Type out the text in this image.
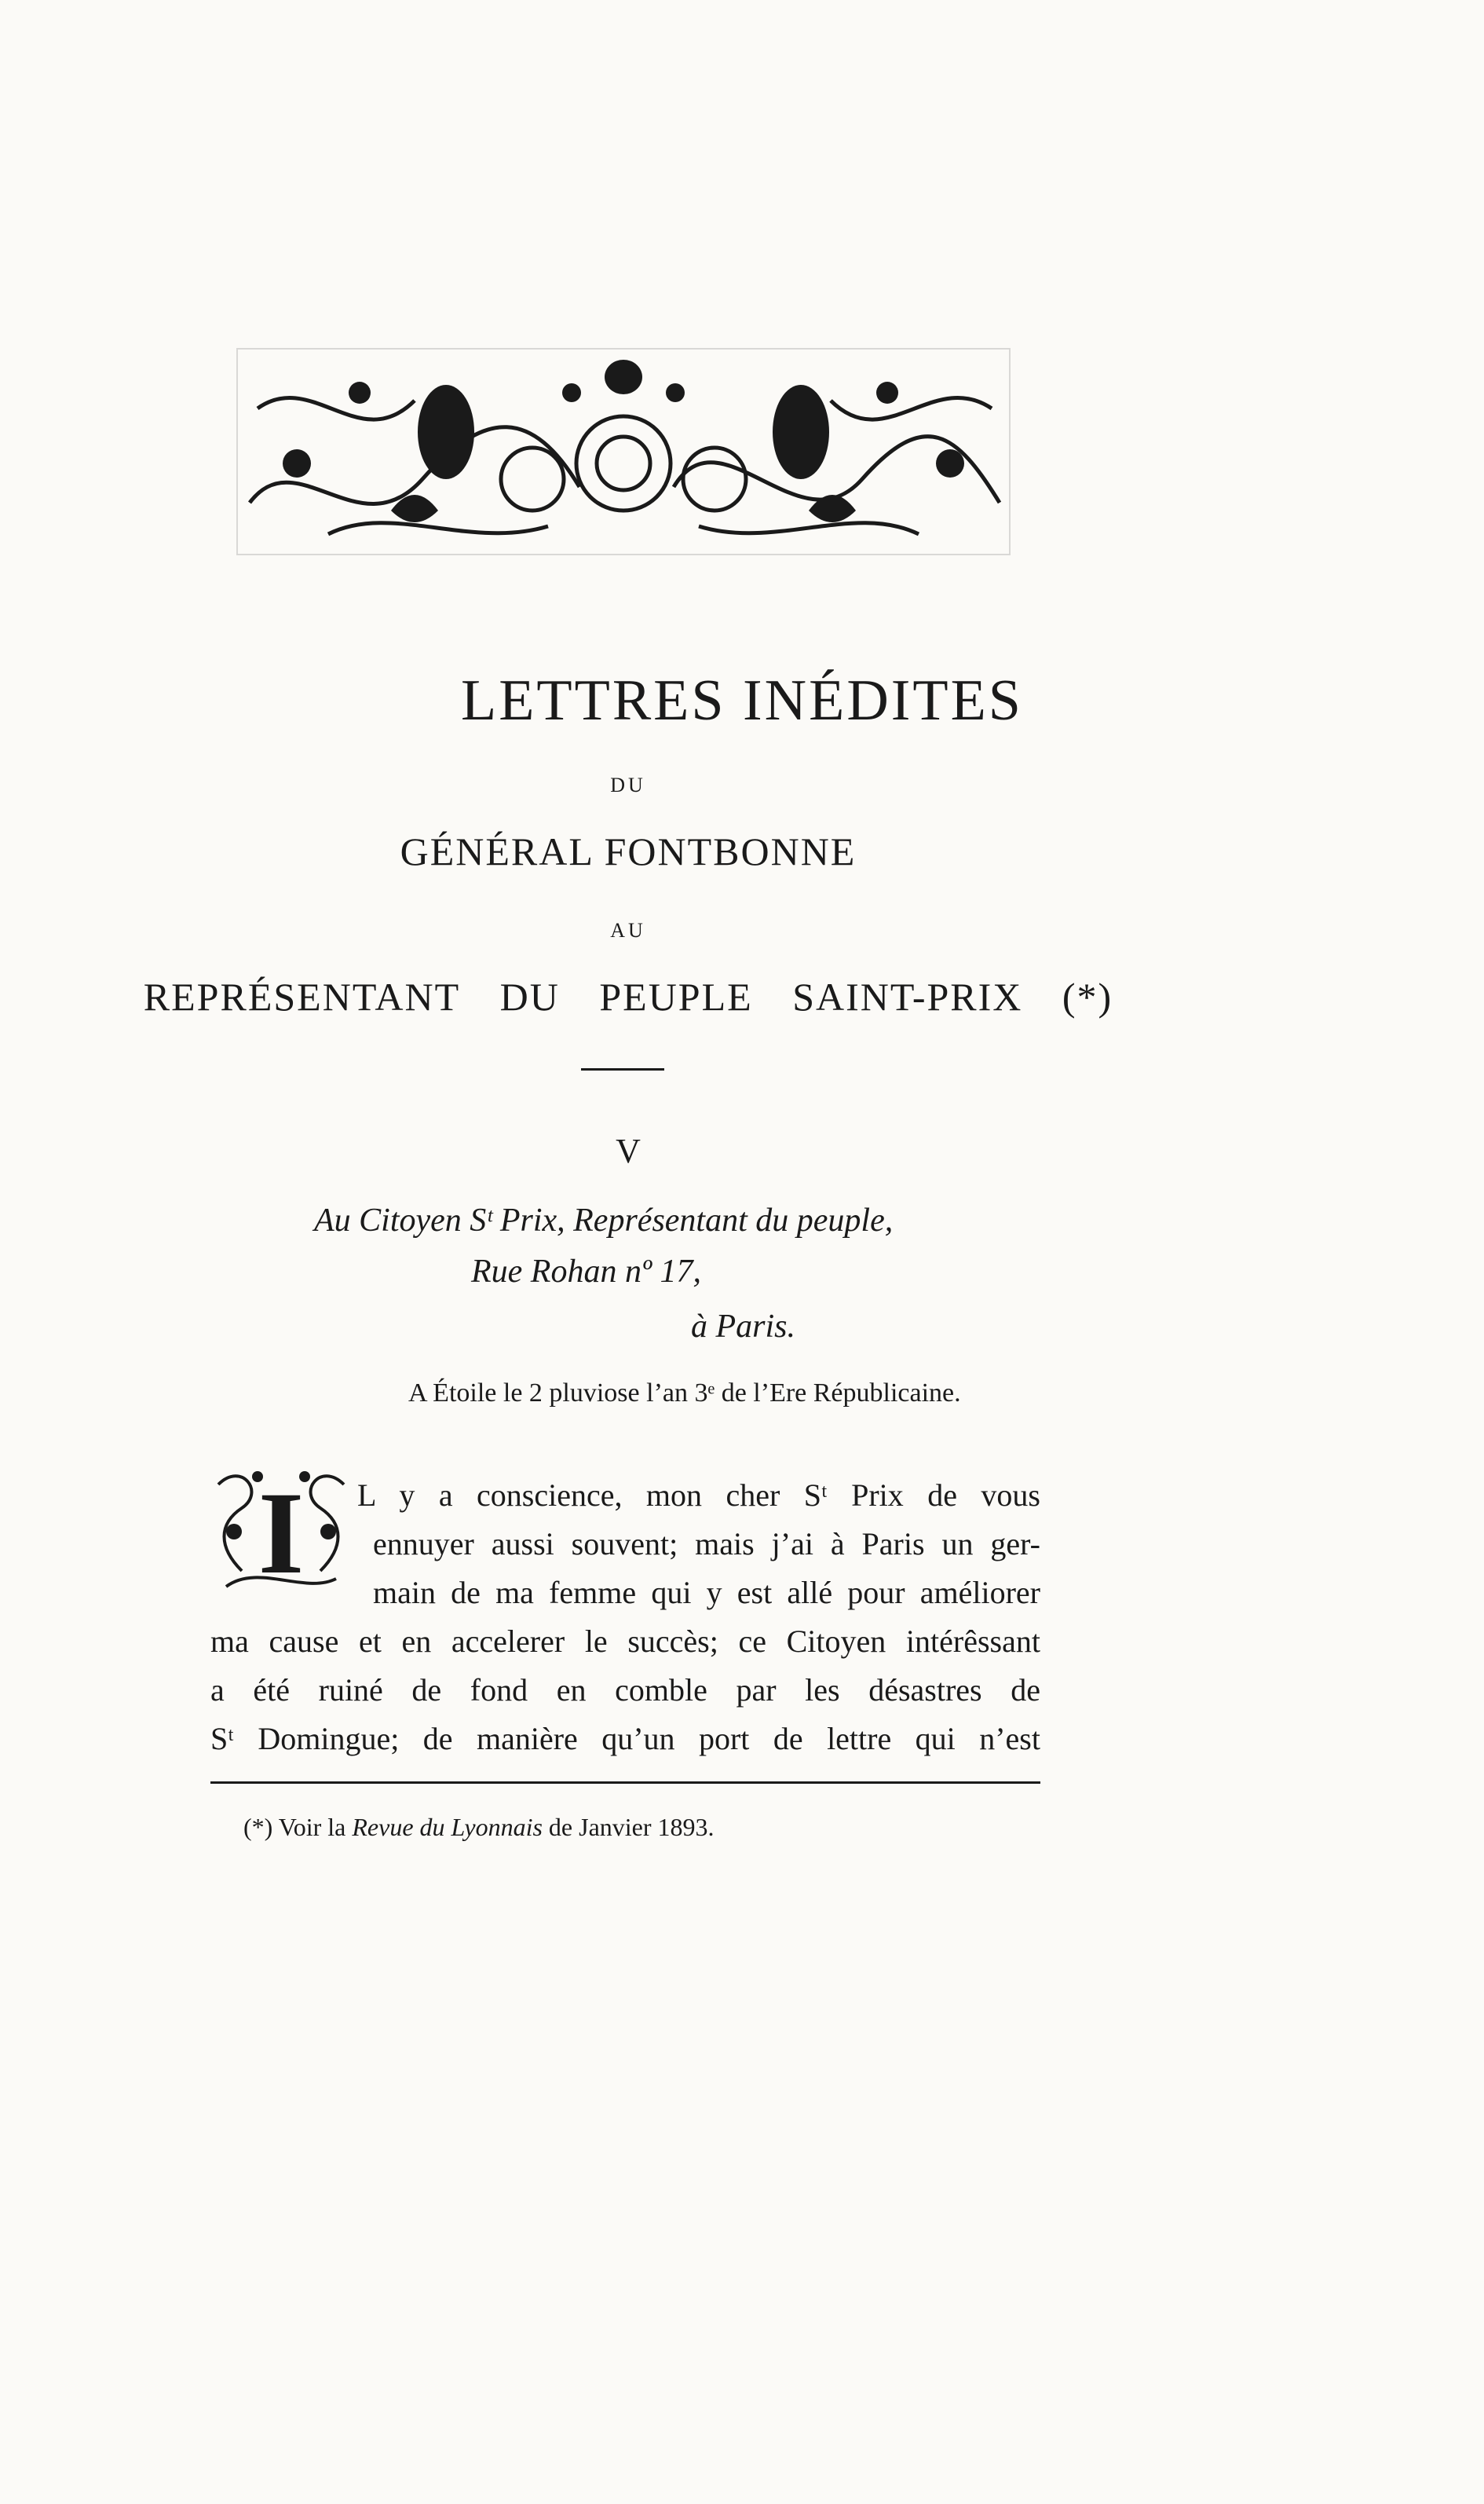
LETTRES INÉDITES
DU
GÉNÉRAL FONTBONNE
AU
REPRÉSENTANT DU PEUPLE SAINT-PRIX (*)
V
Au Citoyen Sᵗ Prix, Représentant du peuple,
Rue Rohan nº 17,
à Paris.
A Étoile le 2 pluviose l’an 3ᵉ de l’Ere Républicaine.
I L y a conscience, mon cher Sᵗ Prix de vous
ennuyer aussi souvent; mais j’ai à Paris un ger-
main de ma femme qui y est allé pour améliorer
ma cause et en accelerer le succès; ce Citoyen intérêssant
a été ruiné de fond en comble par les désastres de
Sᵗ Domingue; de manière qu’un port de lettre qui n’est
(*) Voir la Revue du Lyonnais de Janvier 1893.
